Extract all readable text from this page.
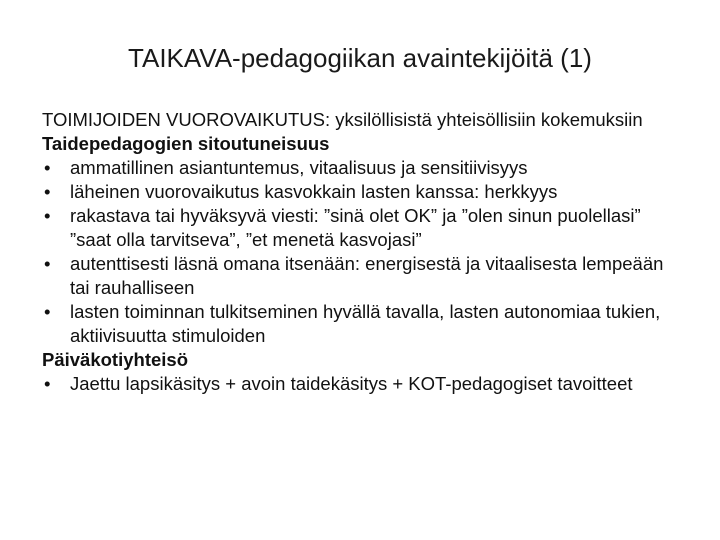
TAIKAVA-pedagogiikan avaintekijöitä (1)

TOIMIJOIDEN VUOROVAIKUTUS: yksilöllisistä yhteisöllisiin kokemuksiin

Taidepedagogien sitoutuneisuus

•	ammatillinen asiantuntemus, vitaalisuus ja sensitiivisyys

•	läheinen vuorovaikutus kasvokkain lasten kanssa: herkkyys

•	rakastava tai hyväksyvä viesti: ”sinä olet OK” ja ”olen sinun puolellasi” ”saat olla tarvitseva”, ”et menetä kasvojasi”

•	autenttisesti läsnä omana itsenään: energisestä ja vitaalisesta lempeään tai rauhalliseen

•	lasten toiminnan tulkitseminen hyvällä tavalla, lasten autonomiaa tukien, aktiivisuutta stimuloiden

Päiväkotiyhteisö

•	Jaettu lapsikäsitys + avoin taidekäsitys + KOT-pedagogiset tavoitteet
